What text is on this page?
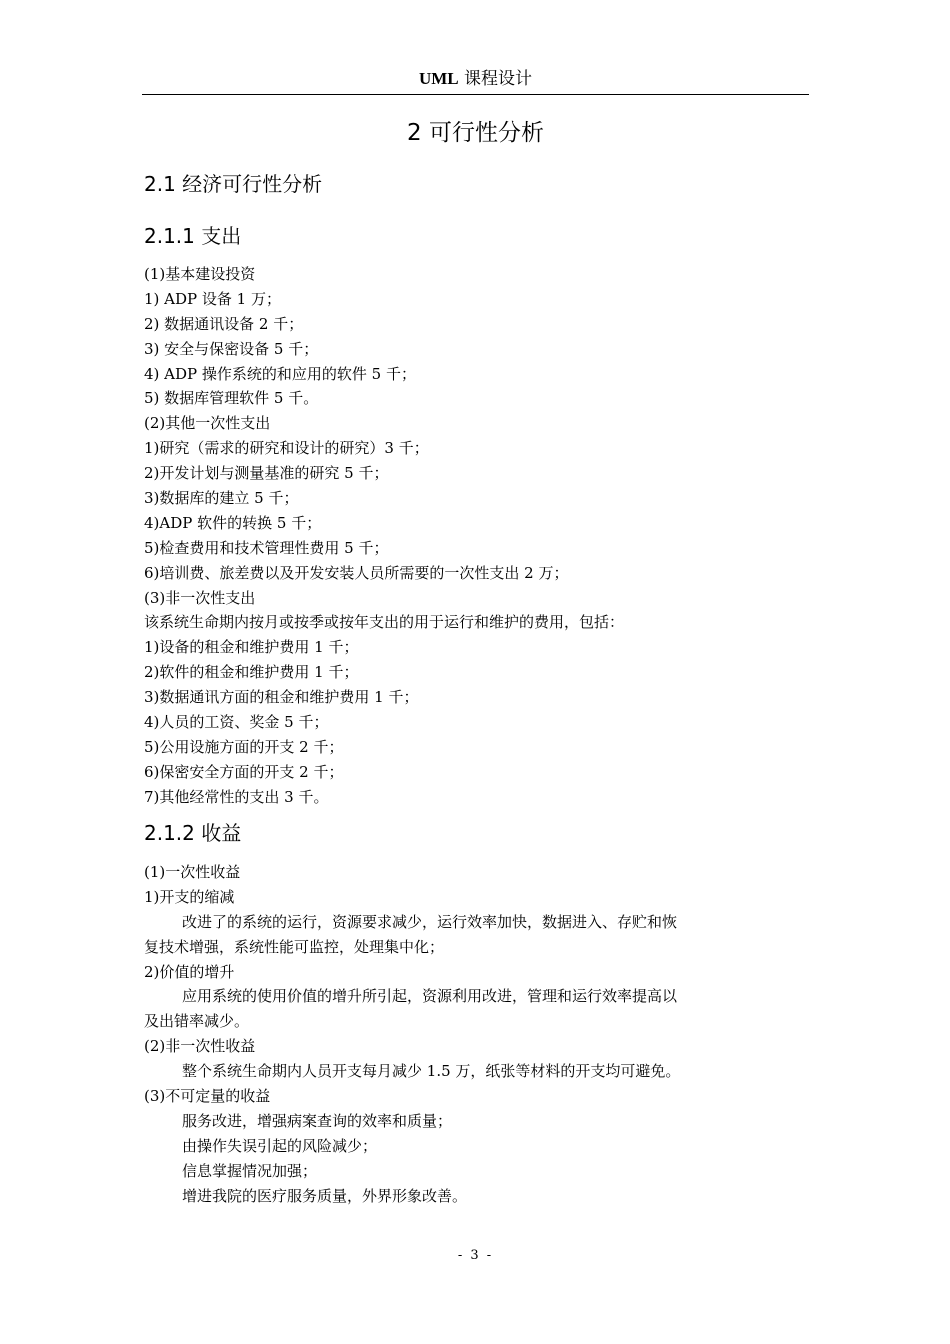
UML 课程设计
2 可行性分析
2.1 经济可行性分析
2.1.1 支出
(1)基本建设投资
1) ADP 设备 1 万；
2) 数据通讯设备 2 千；
3) 安全与保密设备 5 千；
4) ADP 操作系统的和应用的软件 5 千；
5) 数据库管理软件 5 千。
(2)其他一次性支出
1)研究（需求的研究和设计的研究）3 千；
2)开发计划与测量基准的研究 5 千；
3)数据库的建立 5 千；
4)ADP 软件的转换 5 千；
5)检查费用和技术管理性费用 5 千；
6)培训费、旅差费以及开发安装人员所需要的一次性支出 2 万；
(3)非一次性支出
该系统生命期内按月或按季或按年支出的用于运行和维护的费用，包括：
1)设备的租金和维护费用 1 千；
2)软件的租金和维护费用 1 千；
3)数据通讯方面的租金和维护费用 1 千；
4)人员的工资、奖金 5 千；
5)公用设施方面的开支 2 千；
6)保密安全方面的开支 2 千；
7)其他经常性的支出 3 千。
2.1.2 收益
(1)一次性收益
1)开支的缩减
改进了的系统的运行，资源要求减少，运行效率加快，数据进入、存贮和恢
复技术增强，系统性能可监控，处理集中化；
2)价值的增升
应用系统的使用价值的增升所引起，资源利用改进，管理和运行效率提高以
及出错率减少。
(2)非一次性收益
整个系统生命期内人员开支每月减少 1.5 万，纸张等材料的开支均可避免。
(3)不可定量的收益
服务改进，增强病案查询的效率和质量；
由操作失误引起的风险减少；
信息掌握情况加强；
增进我院的医疗服务质量，外界形象改善。
- 3 -
